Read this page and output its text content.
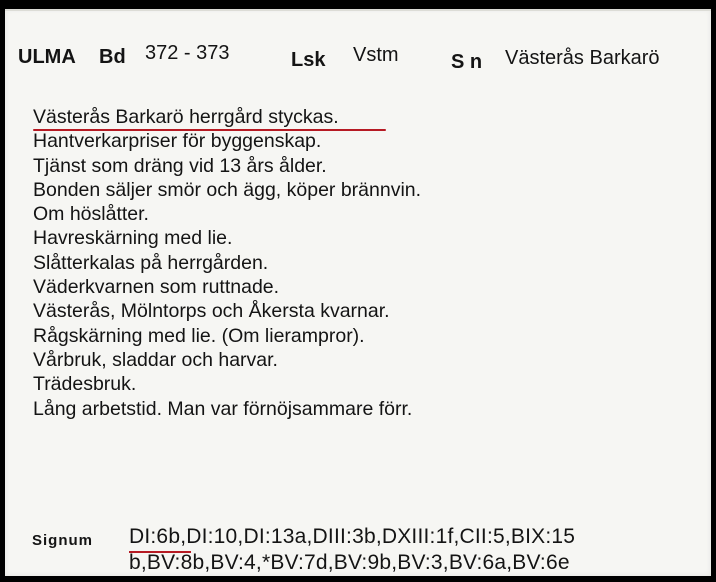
ULMA Bd 372 - 373	Lsk Vstm	S n Västerås Barkarö
Västerås Barkarö herrgård styckas.
Hantverkarpriser för byggenskap.
Tjänst som dräng vid 13 års ålder.
Bonden säljer smör och ägg, köper brännvin.
Om höslåtter.
Havreskärning med lie.
Slåtterkalas på herrgården.
Väderkvarnen som ruttnade.
Västerås, Mölntorps och Åkersta kvarnar.
Rågskärning med lie. (Om lierampror).
Vårbruk, sladdar och harvar.
Trädesbruk.
Lång arbetstid. Man var förnöjsammare förr.
Signum DI:6b,DI:10,DI:13a,DIII:3b,DXIII:1f,CII:5,BIX:15
b,BV:8b,BV:4,*BV:7d,BV:9b,BV:3,BV:6a,BV:6e
